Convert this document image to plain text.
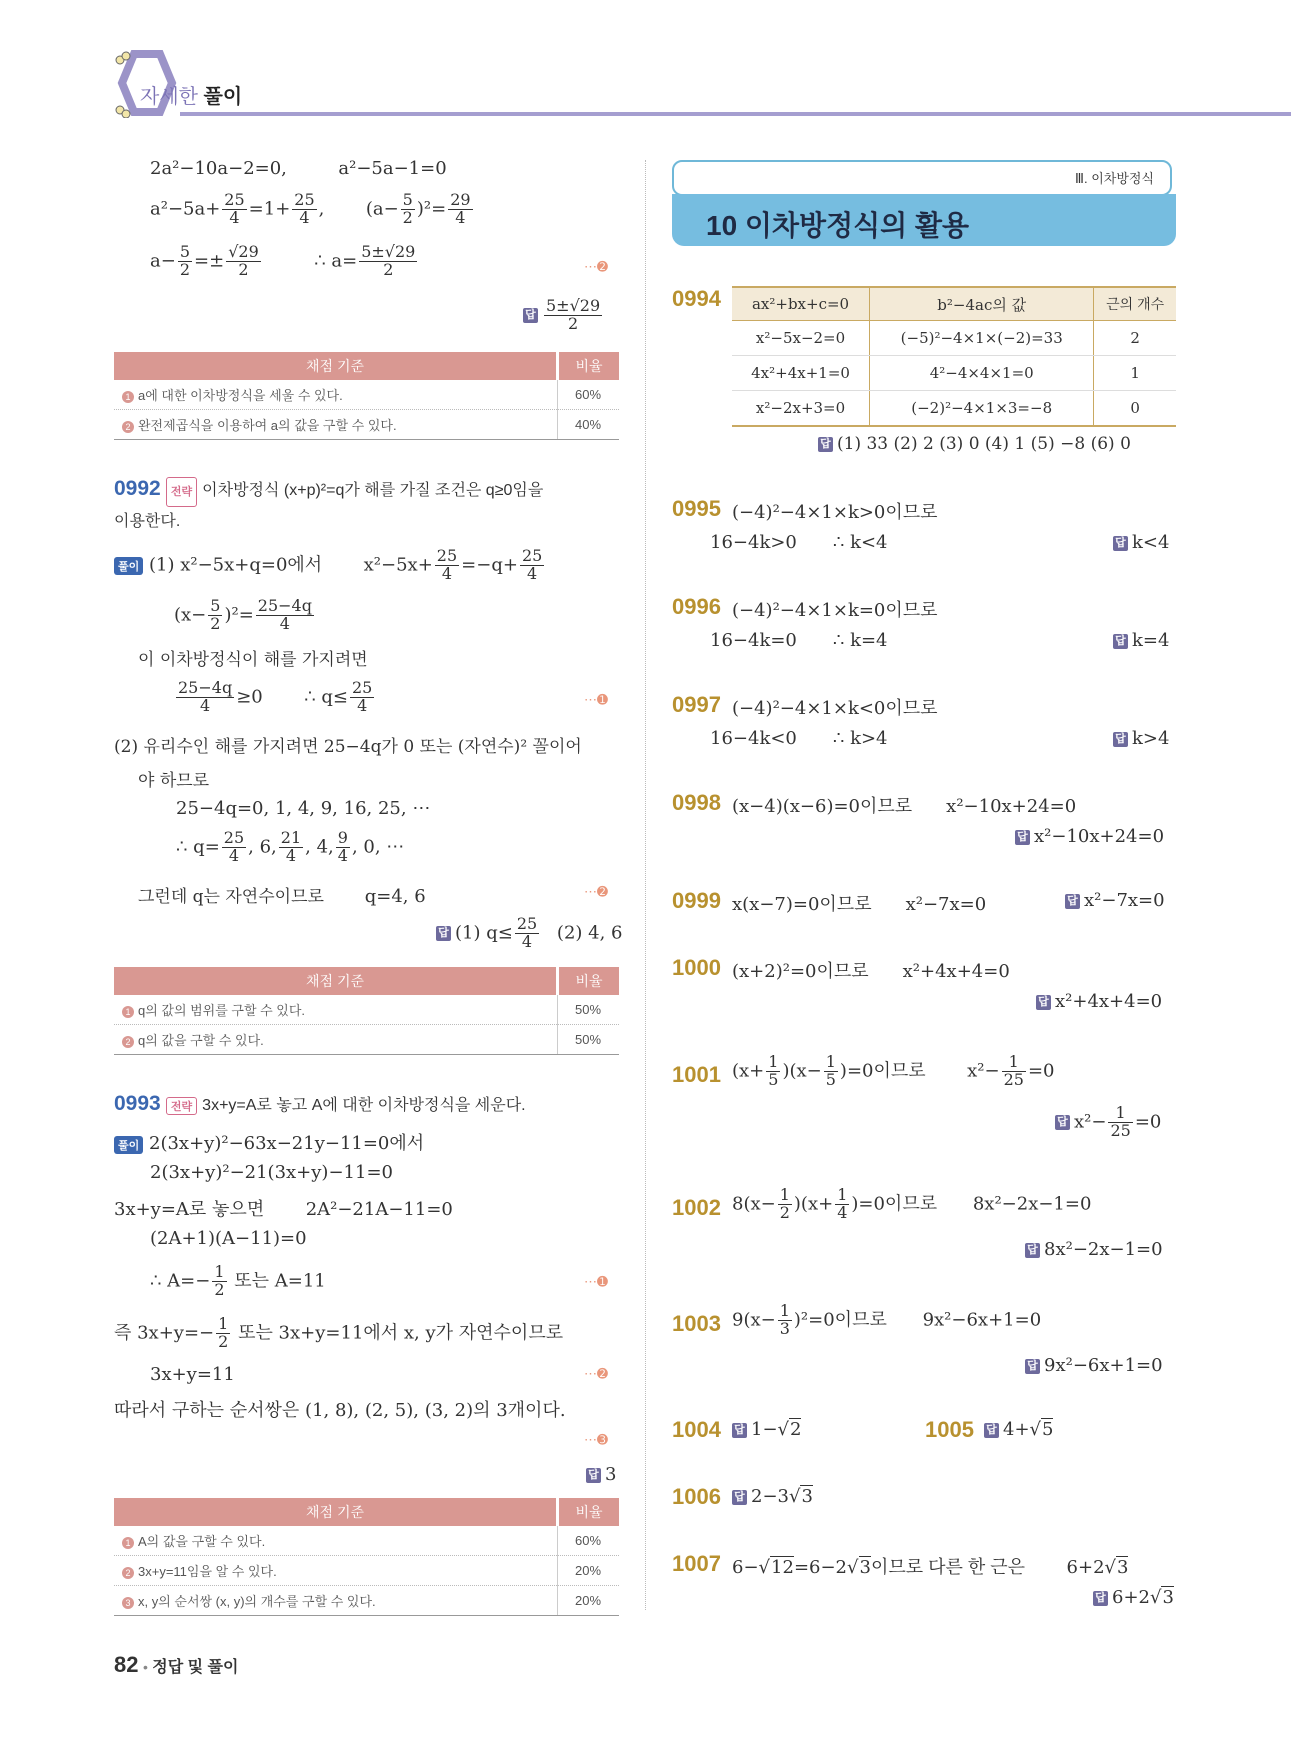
자세한 풀이
2a²−10a−2=0,	a²−5a−1=0
$a^2-5a+ \frac{25}{4} =1+ \frac{25}{4}$ ,  $(a- \frac{5}{2} )^2= \frac{29}{4}$
$a- \frac{5}{2} =\pm \frac{√29}{2}$	∴ $a= \frac{5\pm√29}{2}$	⋯➋
답 $\frac{5\pm√29}{2}$
채점 기준	비율
1 a에 대한 이차방정식을 세울 수 있다.	60%
2 완전제곱식을 이용하여 a의 값을 구할 수 있다.	40%
0992 전략 이차방정식 (x+p)²=q가 해를 가질 조건은 q≥0임을
이용한다.
풀이 (1) x²−5x+q=0에서 $x^2-5x+ \frac{25}{4} =-q+ \frac{25}{4}$
$(x- \frac{5}{2} )^2= \frac{25-4q}{4}$
이 이차방정식이 해를 가지려면
$\frac{25-4q}{4} \ge 0$ ∴ $q\le \frac{25}{4}$	⋯➊
(2) 유리수인 해를 가지려면 25−4q가 0 또는 (자연수)² 꼴이어
야 하므로
25−4q=0, 1, 4, 9, 16, 25, ⋯
∴ $q= \frac{25}{4}$ , 6, $\frac{21}{4}$ , 4, $\frac{9}{4}$ , 0, ⋯
그런데 q는 자연수이므로 q=4, 6	⋯➋
답 (1) $q\le \frac{25}{4} (2)$ 4, 6
채점 기준	비율
1 q의 값의 범위를 구할 수 있다.	50%
2 q의 값을 구할 수 있다.	50%
0993 전략 3x+y=A로 놓고 A에 대한 이차방정식을 세운다.
풀이 2(3x+y)²−63x−21y−11=0에서
2(3x+y)²−21(3x+y)−11=0
3x+y=A로 놓으면 2A²−21A−11=0
(2A+1)(A−11)=0
∴ $A=- \frac{1}{2}$ 또는 A=11	⋯➊
즉 $3x+y=- \frac{1}{2}$ 또는 3x+y=11에서 x, y가 자연수이므로
3x+y=11	⋯➋
따라서 구하는 순서쌍은 (1, 8), (2, 5), (3, 2)의 3개이다.
⋯➌
답 3
채점 기준	비율
1 A의 값을 구할 수 있다.	60%
2 3x+y=11임을 알 수 있다.	20%
3 x, y의 순서쌍 (x, y)의 개수를 구할 수 있다.	20%
Ⅲ. 이차방정식
10 이차방정식의 활용
0994 ax²+bx+c=0	b²−4ac의 값	근의 개수
x²−5x−2=0	(−5)²−4×1×(−2)=33	2
4x²+4x+1=0	4²−4×4×1=0	1
x²−2x+3=0	(−2)²−4×1×3=−8	0
답 (1) 33 (2) 2 (3) 0 (4) 1 (5) −8 (6) 0
0995 (−4)²−4×1×k>0이므로
16−4k>0 ∴ k<4	답 k<4
0996 (−4)²−4×1×k=0이므로
16−4k=0 ∴ k=4	답 k=4
0997 (−4)²−4×1×k<0이므로
16−4k<0 ∴ k>4	답 k>4
0998 (x−4)(x−6)=0이므로 x²−10x+24=0
답 x²−10x+24=0
0999 x(x−7)=0이므로 x²−7x=0	답 x²−7x=0
1000 (x+2)²=0이므로 x²+4x+4=0
답 x²+4x+4=0
1001 $(x+ \frac{1}{5} )(x- \frac{1}{5} )=0$이므로 $x^2- \frac{1}{25} =0$
답 $x^2- \frac{1}{25} =0$
1002 $8(x- \frac{1}{2} )(x+ \frac{1}{4} )=0$이므로 8x²−2x−1=0
답 8x²−2x−1=0
1003 $9(x- \frac{1}{3} )^2=0$이므로 9x²−6x+1=0
답 9x²−6x+1=0
1004 답 1−√2	1005 답 4+√5
1006 답 2−3√3
1007 6−√12=6−2√3이므로 다른 한 근은 6+2√3
답 6+2√3
82 • 정답 및 풀이
